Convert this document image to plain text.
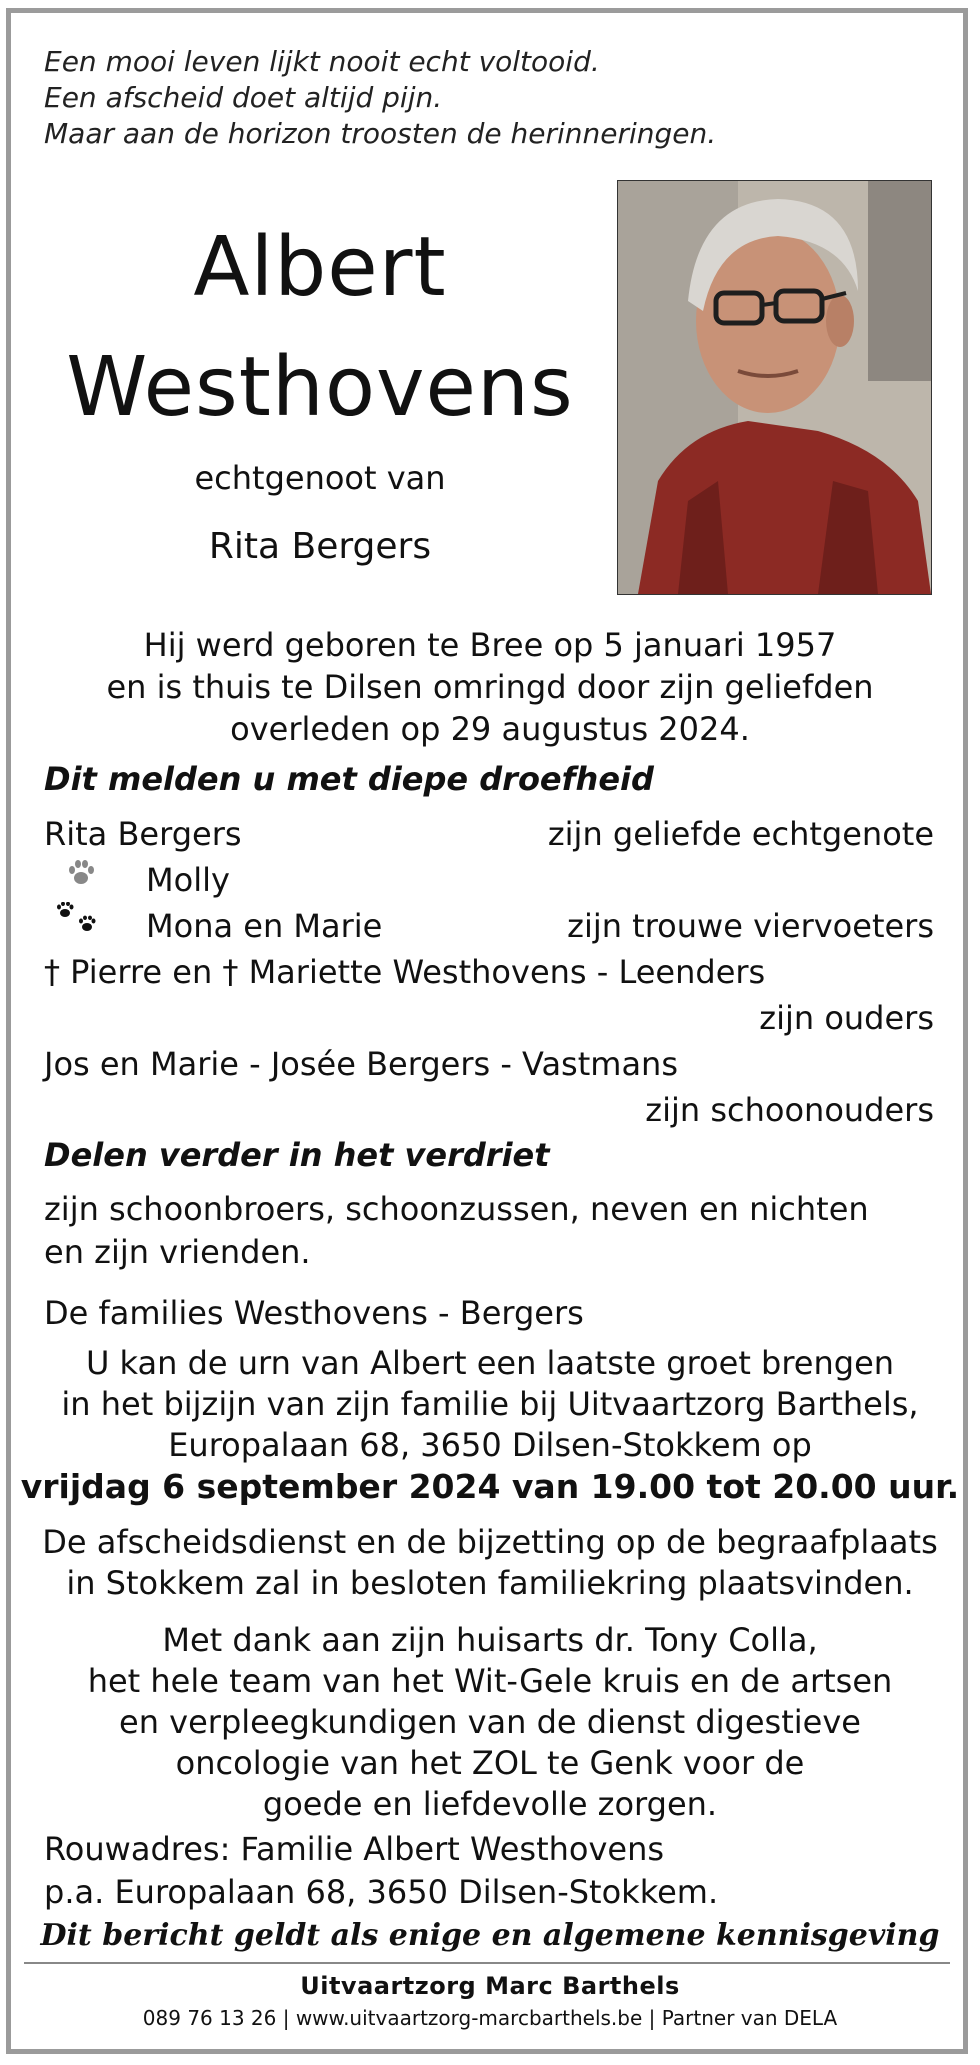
Een mooi leven lijkt nooit echt voltooid.
Een afscheid doet altijd pijn.
Maar aan de horizon troosten de herinneringen.
Albert
Westhovens
echtgenoot van
Rita Bergers
Hij werd geboren te Bree op 5 januari 1957
en is thuis te Dilsen omringd door zijn geliefden
overleden op 29 augustus 2024.
Dit melden u met diepe droefheid
Rita Bergers	zijn geliefde echtgenote
Molly
Mona en Marie	zijn trouwe viervoeters
† Pierre en † Mariette Westhovens - Leenders
zijn ouders
Jos en Marie - Josée Bergers - Vastmans
zijn schoonouders
Delen verder in het verdriet
zijn schoonbroers, schoonzussen, neven en nichten
en zijn vrienden.
De families Westhovens - Bergers
U kan de urn van Albert een laatste groet brengen
in het bijzijn van zijn familie bij Uitvaartzorg Barthels,
Europalaan 68, 3650 Dilsen-Stokkem op
vrijdag 6 september 2024 van 19.00 tot 20.00 uur.
De afscheidsdienst en de bijzetting op de begraafplaats
in Stokkem zal in besloten familiekring plaatsvinden.
Met dank aan zijn huisarts dr. Tony Colla,
het hele team van het Wit-Gele kruis en de artsen
en verpleegkundigen van de dienst digestieve
oncologie van het ZOL te Genk voor de
goede en liefdevolle zorgen.
Rouwadres: Familie Albert Westhovens
p.a. Europalaan 68, 3650 Dilsen-Stokkem.
Dit bericht geldt als enige en algemene kennisgeving
Uitvaartzorg Marc Barthels
089 76 13 26 | www.uitvaartzorg-marcbarthels.be | Partner van DELA
